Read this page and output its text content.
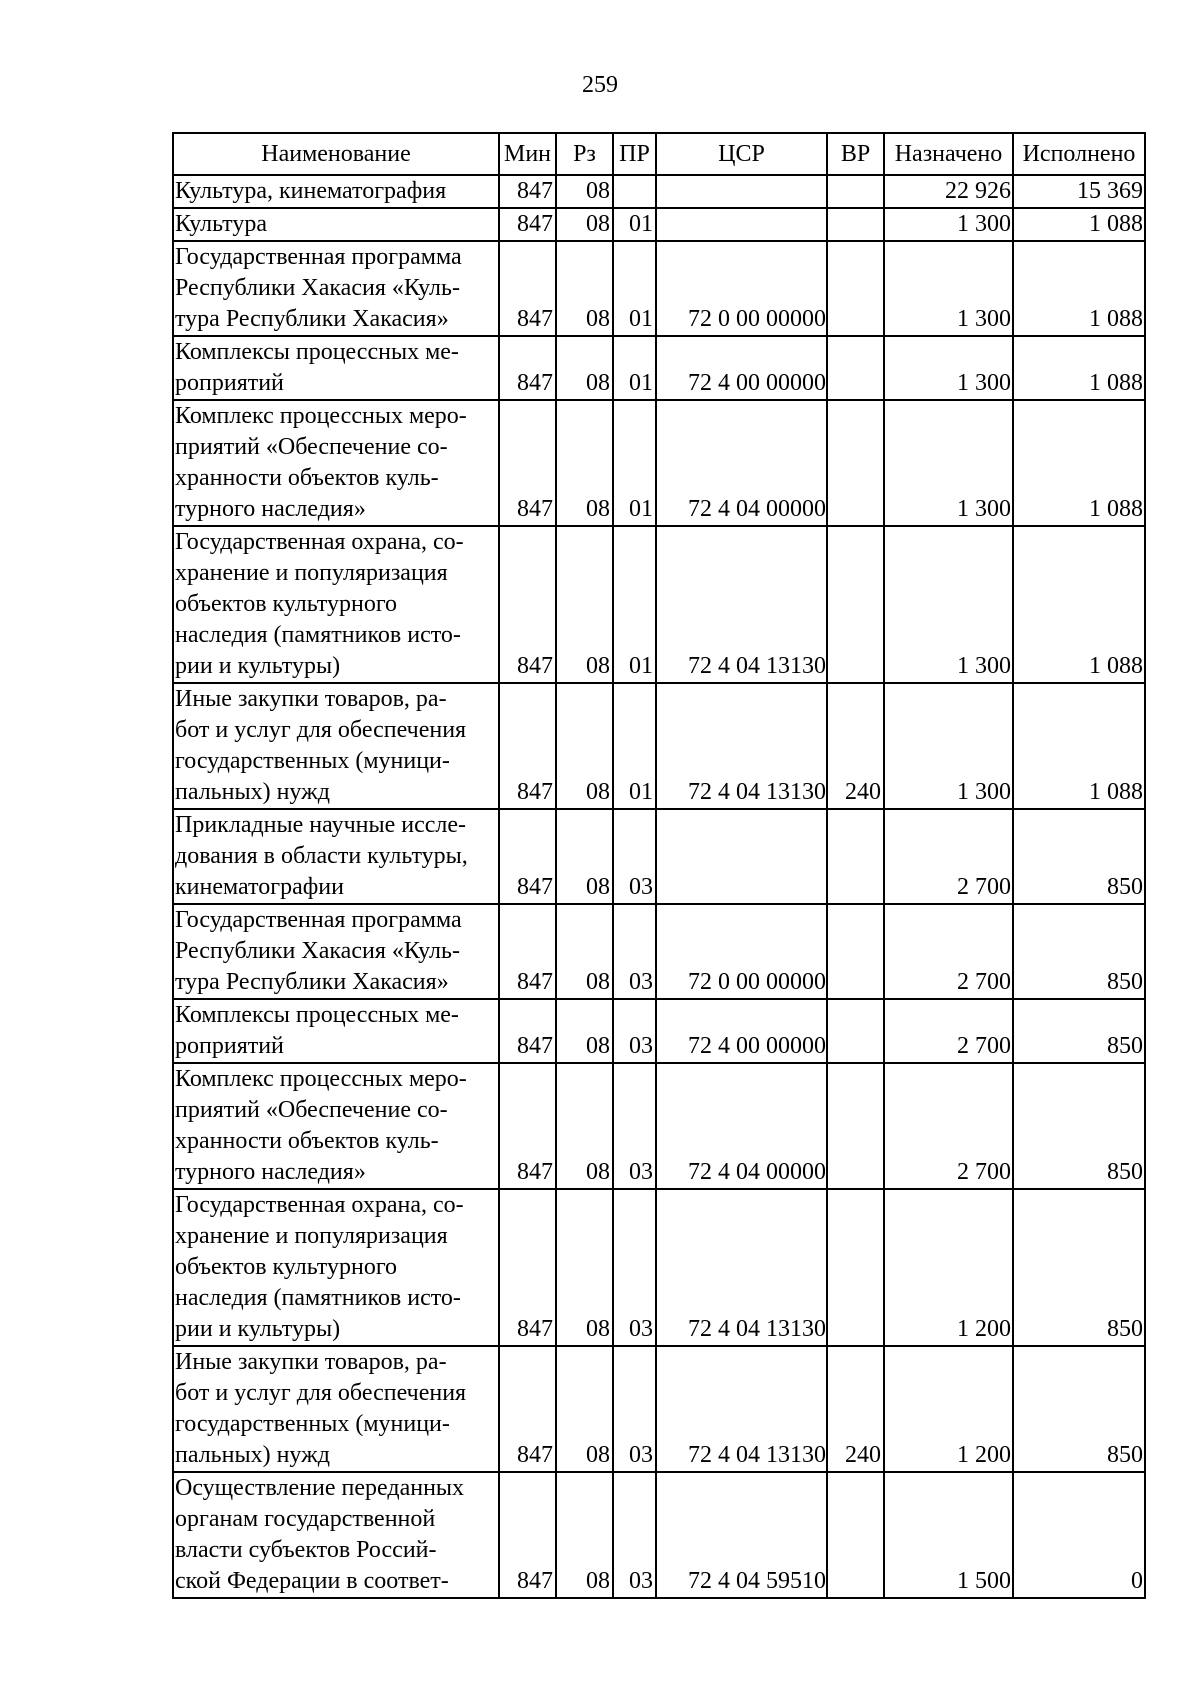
259
Наименование	Мин	Рз	ПР	ЦСР	ВР	Назначено	Исполнено
Культура, кинематография	847	08				22 926	15 369
Культура	847	08	01			1 300	1 088
Государственная программа
Республики Хакасия «Куль-
тура Республики Хакасия»	847	08	01	72 0 00 00000		1 300	1 088
Комплексы процессных ме-
роприятий	847	08	01	72 4 00 00000		1 300	1 088
Комплекс процессных меро-
приятий «Обеспечение со-
хранности объектов куль-
турного наследия»	847	08	01	72 4 04 00000		1 300	1 088
Государственная охрана, со-
хранение и популяризация
объектов культурного
наследия (памятников исто-
рии и культуры)	847	08	01	72 4 04 13130		1 300	1 088
Иные закупки товаров, ра-
бот и услуг для обеспечения
государственных (муници-
пальных) нужд	847	08	01	72 4 04 13130	240	1 300	1 088
Прикладные научные иссле-
дования в области культуры,
кинематографии	847	08	03			2 700	850
Государственная программа
Республики Хакасия «Куль-
тура Республики Хакасия»	847	08	03	72 0 00 00000		2 700	850
Комплексы процессных ме-
роприятий	847	08	03	72 4 00 00000		2 700	850
Комплекс процессных меро-
приятий «Обеспечение со-
хранности объектов куль-
турного наследия»	847	08	03	72 4 04 00000		2 700	850
Государственная охрана, со-
хранение и популяризация
объектов культурного
наследия (памятников исто-
рии и культуры)	847	08	03	72 4 04 13130		1 200	850
Иные закупки товаров, ра-
бот и услуг для обеспечения
государственных (муници-
пальных) нужд	847	08	03	72 4 04 13130	240	1 200	850
Осуществление переданных
органам государственной
власти субъектов Россий-
ской Федерации в соответ-	847	08	03	72 4 04 59510		1 500	0
